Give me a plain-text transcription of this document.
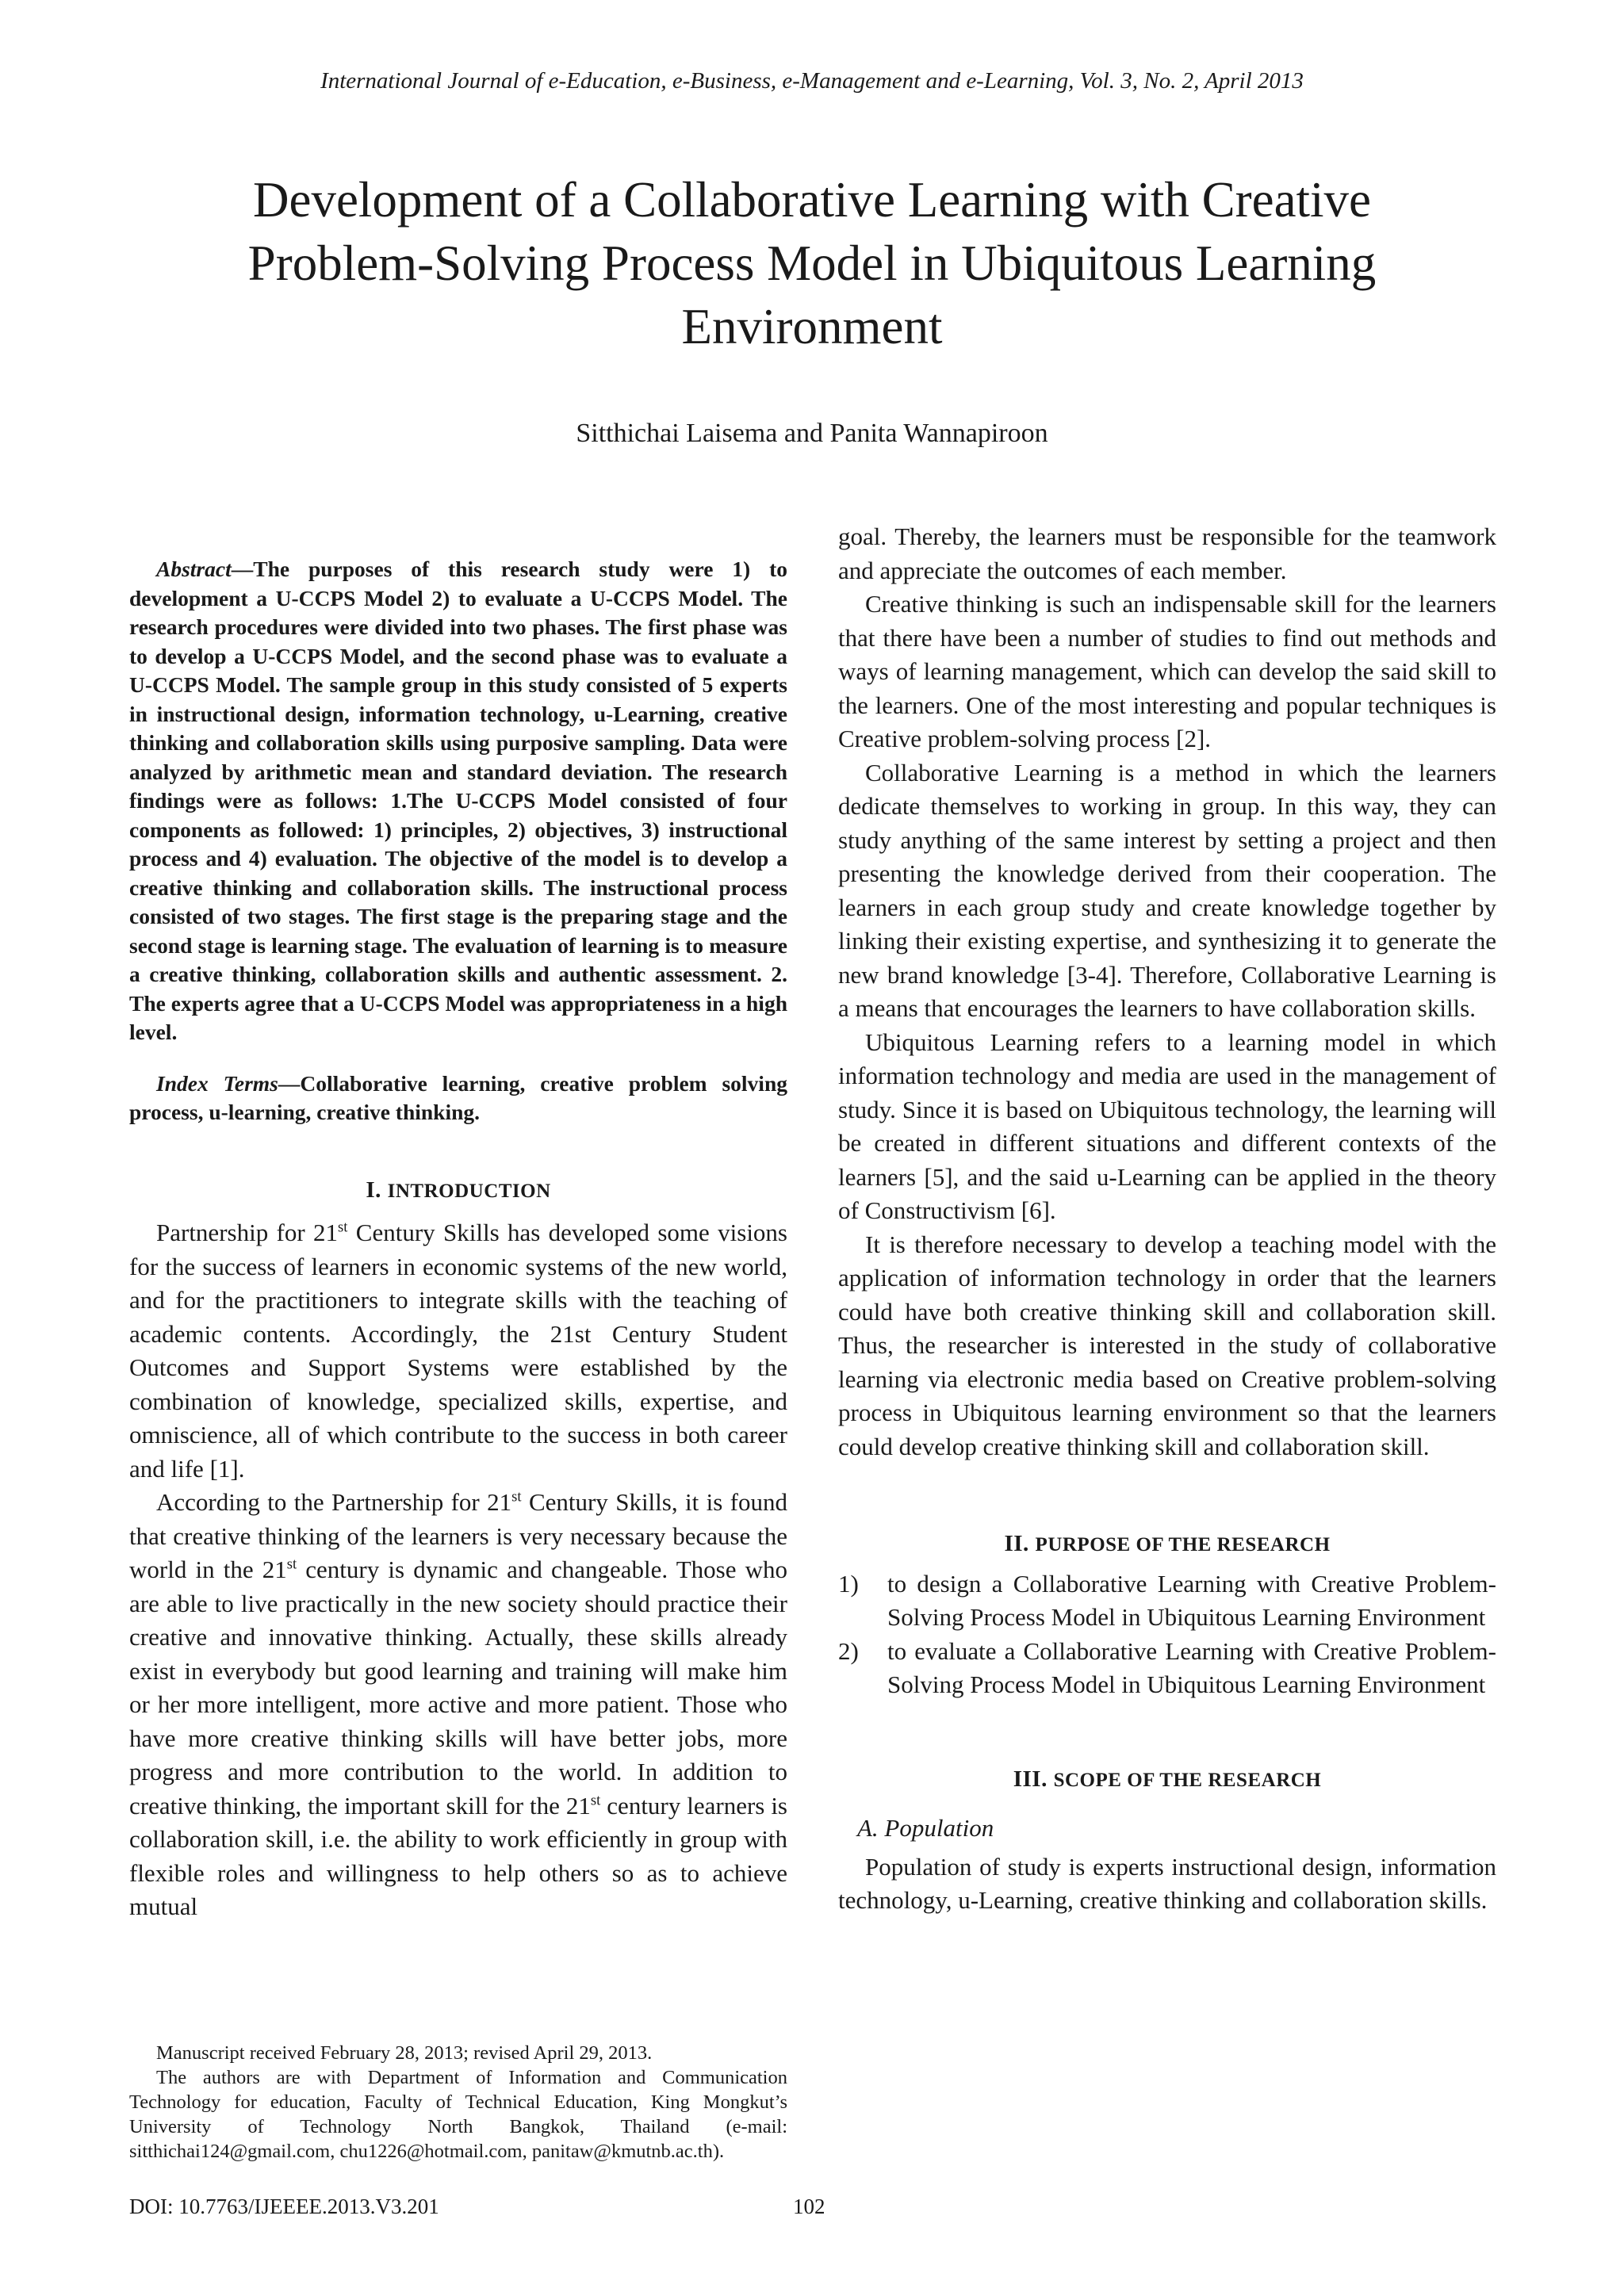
International Journal of e-Education, e-Business, e-Management and e-Learning, Vol. 3, No. 2, April 2013
Development of a Collaborative Learning with Creative
Problem-Solving Process Model in Ubiquitous Learning
Environment
Sitthichai Laisema and Panita Wannapiroon

Abstract—The purposes of this research study were 1) to development a U-CCPS Model 2) to evaluate a U-CCPS Model. The research procedures were divided into two phases. The first phase was to develop a U-CCPS Model, and the second phase was to evaluate a U-CCPS Model. The sample group in this study consisted of 5 experts in instructional design, information technology, u-Learning, creative thinking and collaboration skills using purposive sampling. Data were analyzed by arithmetic mean and standard deviation. The research findings were as follows: 1.The U-CCPS Model consisted of four components as followed: 1) principles, 2) objectives, 3) instructional process and 4) evaluation. The objective of the model is to develop a creative thinking and collaboration skills. The instructional process consisted of two stages. The first stage is the preparing stage and the second stage is learning stage. The evaluation of learning is to measure a creative thinking, collaboration skills and authentic assessment. 2. The experts agree that a U-CCPS Model was appropriateness in a high level.

Index Terms—Collaborative learning, creative problem solving process, u-learning, creative thinking.

I. INTRODUCTION

Partnership for 21st Century Skills has developed some visions for the success of learners in economic systems of the new world, and for the practitioners to integrate skills with the teaching of academic contents. Accordingly, the 21st Century Student Outcomes and Support Systems were established by the combination of knowledge, specialized skills, expertise, and omniscience, all of which contribute to the success in both career and life [1].

According to the Partnership for 21st Century Skills, it is found that creative thinking of the learners is very necessary because the world in the 21st century is dynamic and changeable. Those who are able to live practically in the new society should practice their creative and innovative thinking. Actually, these skills already exist in everybody but good learning and training will make him or her more intelligent, more active and more patient. Those who have more creative thinking skills will have better jobs, more progress and more contribution to the world. In addition to creative thinking, the important skill for the 21st century learners is collaboration skill, i.e. the ability to work efficiently in group with flexible roles and willingness to help others so as to achieve mutual

goal. Thereby, the learners must be responsible for the teamwork and appreciate the outcomes of each member.

Creative thinking is such an indispensable skill for the learners that there have been a number of studies to find out methods and ways of learning management, which can develop the said skill to the learners. One of the most interesting and popular techniques is Creative problem-solving process [2].

Collaborative Learning is a method in which the learners dedicate themselves to working in group. In this way, they can study anything of the same interest by setting a project and then presenting the knowledge derived from their cooperation. The learners in each group study and create knowledge together by linking their existing expertise, and synthesizing it to generate the new brand knowledge [3-4]. Therefore, Collaborative Learning is a means that encourages the learners to have collaboration skills.

Ubiquitous Learning refers to a learning model in which information technology and media are used in the management of study. Since it is based on Ubiquitous technology, the learning will be created in different situations and different contexts of the learners [5], and the said u-Learning can be applied in the theory of Constructivism [6].

It is therefore necessary to develop a teaching model with the application of information technology in order that the learners could have both creative thinking skill and collaboration skill. Thus, the researcher is interested in the study of collaborative learning via electronic media based on Creative problem-solving process in Ubiquitous learning environment so that the learners could develop creative thinking skill and collaboration skill.

II. PURPOSE OF THE RESEARCH
1) to design a Collaborative Learning with Creative Problem-Solving Process Model in Ubiquitous Learning Environment
2) to evaluate a Collaborative Learning with Creative Problem-Solving Process Model in Ubiquitous Learning Environment
III. SCOPE OF THE RESEARCH

A. Population

Population of study is experts instructional design, information technology, u-Learning, creative thinking and collaboration skills.

Manuscript received February 28, 2013; revised April 29, 2013.

The authors are with Department of Information and Communication Technology for education, Faculty of Technical Education, King Mongkut’s University of Technology North Bangkok, Thailand (e-mail: sitthichai124@gmail.com, chu1226@hotmail.com, panitaw@kmutnb.ac.th).

DOI: 10.7763/IJEEEE.2013.V3.201	102
